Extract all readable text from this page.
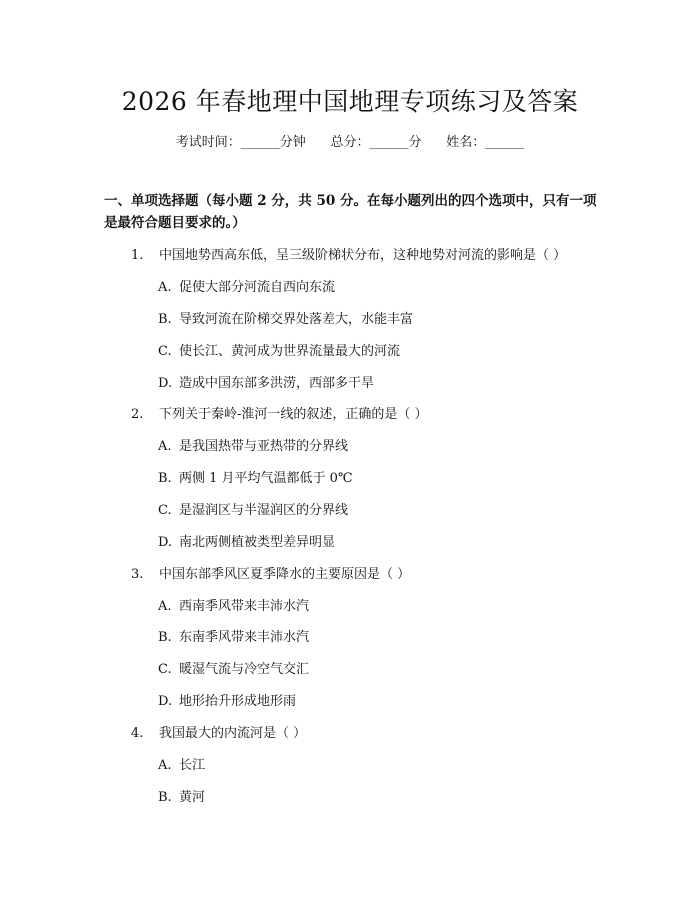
2026 年春地理中国地理专项练习及答案
考试时间：______分钟      总分：______分      姓名：______
一、单项选择题（每小题 2 分，共 50 分。在每小题列出的四个选项中，只有一项是最符合题目要求的。）
1. 中国地势西高东低，呈三级阶梯状分布，这种地势对河流的影响是（ ）
A. 促使大部分河流自西向东流
B. 导致河流在阶梯交界处落差大，水能丰富
C. 使长江、黄河成为世界流量最大的河流
D. 造成中国东部多洪涝，西部多干旱
2. 下列关于秦岭-淮河一线的叙述，正确的是（ ）
A. 是我国热带与亚热带的分界线
B. 两侧 1 月平均气温都低于 0℃
C. 是湿润区与半湿润区的分界线
D. 南北两侧植被类型差异明显
3. 中国东部季风区夏季降水的主要原因是（ ）
A. 西南季风带来丰沛水汽
B. 东南季风带来丰沛水汽
C. 暖湿气流与冷空气交汇
D. 地形抬升形成地形雨
4. 我国最大的内流河是（ ）
A. 长江
B. 黄河
